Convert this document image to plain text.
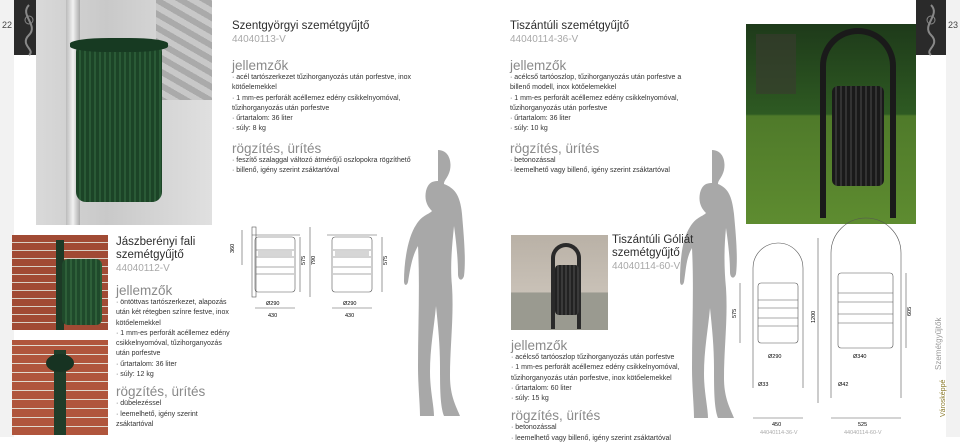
22	23
Szentgyörgyi szemétgyűjtő
44040113-V
jellemzők
· acél tartószerkezet tűzihorganyozás után porfestve, inox kötőelemekkel
· 1 mm-es perforált acéllemez edény csikkelnyomóval, tűzihorganyozás után porfestve
· űrtartalom: 36 liter
· súly: 8 kg
rögzítés, ürítés
· feszítő szalaggal változó átmérőjű oszlopokra rögzíthető
· billenő, igény szerint zsáktartóval
Tiszántúli szemétgyűjtő
44040114-36-V
jellemzők
· acélcső tartóoszlop, tűzihorganyozás után porfestve a billenő modell, inox kötőelemekkel
· 1 mm-es perforált acéllemez edény csikkelnyomóval, tűzihorganyozás után porfestve
· űrtartalom: 36 liter
· súly: 10 kg
rögzítés, ürítés
· betonozással
· leemelhető vagy billenő, igény szerint zsáktartóval
Jászberényi fali szemétgyűjtő
44040112-V
jellemzők
· öntöttvas tartószerkezet, alapozás után két rétegben színre festve, inox kötőelemekkel
· 1 mm-es perforált acéllemez edény csikkelnyomóval, tűzihorganyozás után porfestve
· űrtartalom: 36 liter
· súly: 12 kg
rögzítés, ürítés
· dübelezéssel
· leemelhető, igény szerint zsáktartóval
360
575 790	575
Ø290
430
Ø290
430
Tiszántúli Góliát szemétgyűjtő
44040114-60-V
jellemzők
· acélcső tartóoszlop tűzihorganyozás után porfestve
· 1 mm-es perforált acéllemez edény csikkelnyomóval, tűzihorganyozás után porfestve, inox kötőelemekkel
· űrtartalom: 60 liter
· súly: 15 kg
rögzítés, ürítés
· betonozással
· leemelhető vagy billenő, igény szerint zsáktartóval
575	1200	605
Ø290	Ø340
Ø33	Ø42
450	525
44040114-36-V	44040114-60-V
Szemétgyűjtők
Városképpé
